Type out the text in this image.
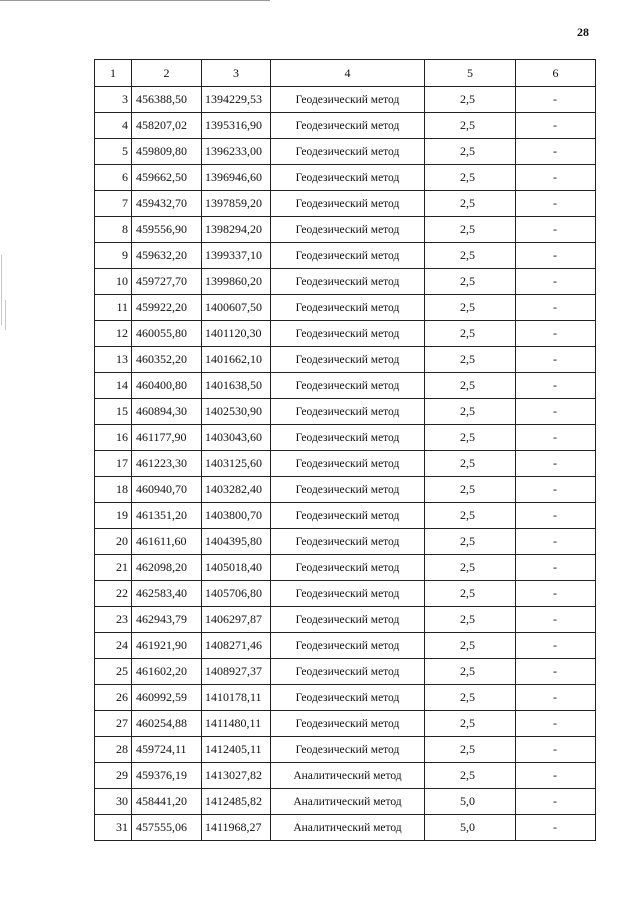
28
1	2	3	4	5	6
3	456388,50	1394229,53	Геодезический метод	2,5	-
4	458207,02	1395316,90	Геодезический метод	2,5	-
5	459809,80	1396233,00	Геодезический метод	2,5	-
6	459662,50	1396946,60	Геодезический метод	2,5	-
7	459432,70	1397859,20	Геодезический метод	2,5	-
8	459556,90	1398294,20	Геодезический метод	2,5	-
9	459632,20	1399337,10	Геодезический метод	2,5	-
10	459727,70	1399860,20	Геодезический метод	2,5	-
11	459922,20	1400607,50	Геодезический метод	2,5	-
12	460055,80	1401120,30	Геодезический метод	2,5	-
13	460352,20	1401662,10	Геодезический метод	2,5	-
14	460400,80	1401638,50	Геодезический метод	2,5	-
15	460894,30	1402530,90	Геодезический метод	2,5	-
16	461177,90	1403043,60	Геодезический метод	2,5	-
17	461223,30	1403125,60	Геодезический метод	2,5	-
18	460940,70	1403282,40	Геодезический метод	2,5	-
19	461351,20	1403800,70	Геодезический метод	2,5	-
20	461611,60	1404395,80	Геодезический метод	2,5	-
21	462098,20	1405018,40	Геодезический метод	2,5	-
22	462583,40	1405706,80	Геодезический метод	2,5	-
23	462943,79	1406297,87	Геодезический метод	2,5	-
24	461921,90	1408271,46	Геодезический метод	2,5	-
25	461602,20	1408927,37	Геодезический метод	2,5	-
26	460992,59	1410178,11	Геодезический метод	2,5	-
27	460254,88	1411480,11	Геодезический метод	2,5	-
28	459724,11	1412405,11	Геодезический метод	2,5	-
29	459376,19	1413027,82	Аналитический метод	2,5	-
30	458441,20	1412485,82	Аналитический метод	5,0	-
31	457555,06	1411968,27	Аналитический метод	5,0	-
